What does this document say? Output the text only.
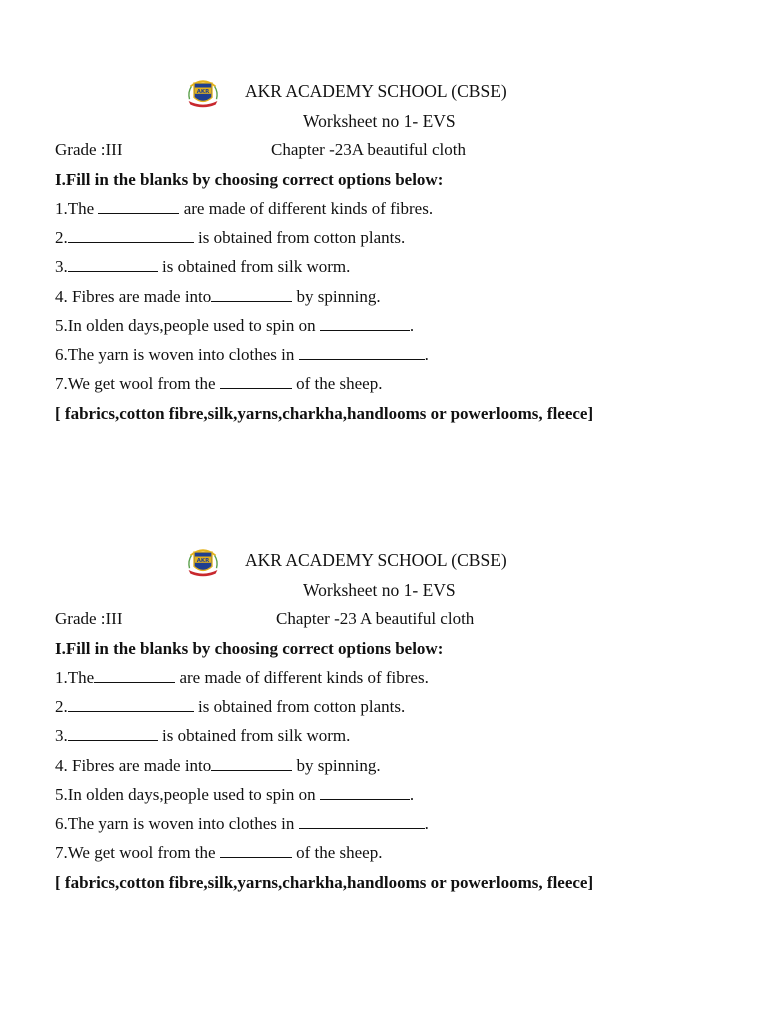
AKR AKR ACADEMY SCHOOL (CBSE)
Worksheet no 1- EVS
Grade :III	Chapter -23A beautiful cloth
I.Fill in the blanks by choosing correct options below:
1.The	are made of different kinds of fibres.
2.	is obtained from cotton plants.
3.	is obtained from silk worm.
4. Fibres are made into	by spinning.
5.In olden days,people used to spin on	.
6.The yarn is woven into clothes in	.
7.We get wool from the	of the sheep.
[ fabrics,cotton fibre,silk,yarns,charkha,handlooms or powerlooms, fleece]
AKR AKR ACADEMY SCHOOL (CBSE)
Worksheet no 1- EVS
Grade :III	Chapter -23 A beautiful cloth
I.Fill in the blanks by choosing correct options below:
1.The	are made of different kinds of fibres.
2.	is obtained from cotton plants.
3.	is obtained from silk worm.
4. Fibres are made into	by spinning.
5.In olden days,people used to spin on	.
6.The yarn is woven into clothes in	.
7.We get wool from the	of the sheep.
[ fabrics,cotton fibre,silk,yarns,charkha,handlooms or powerlooms, fleece]
